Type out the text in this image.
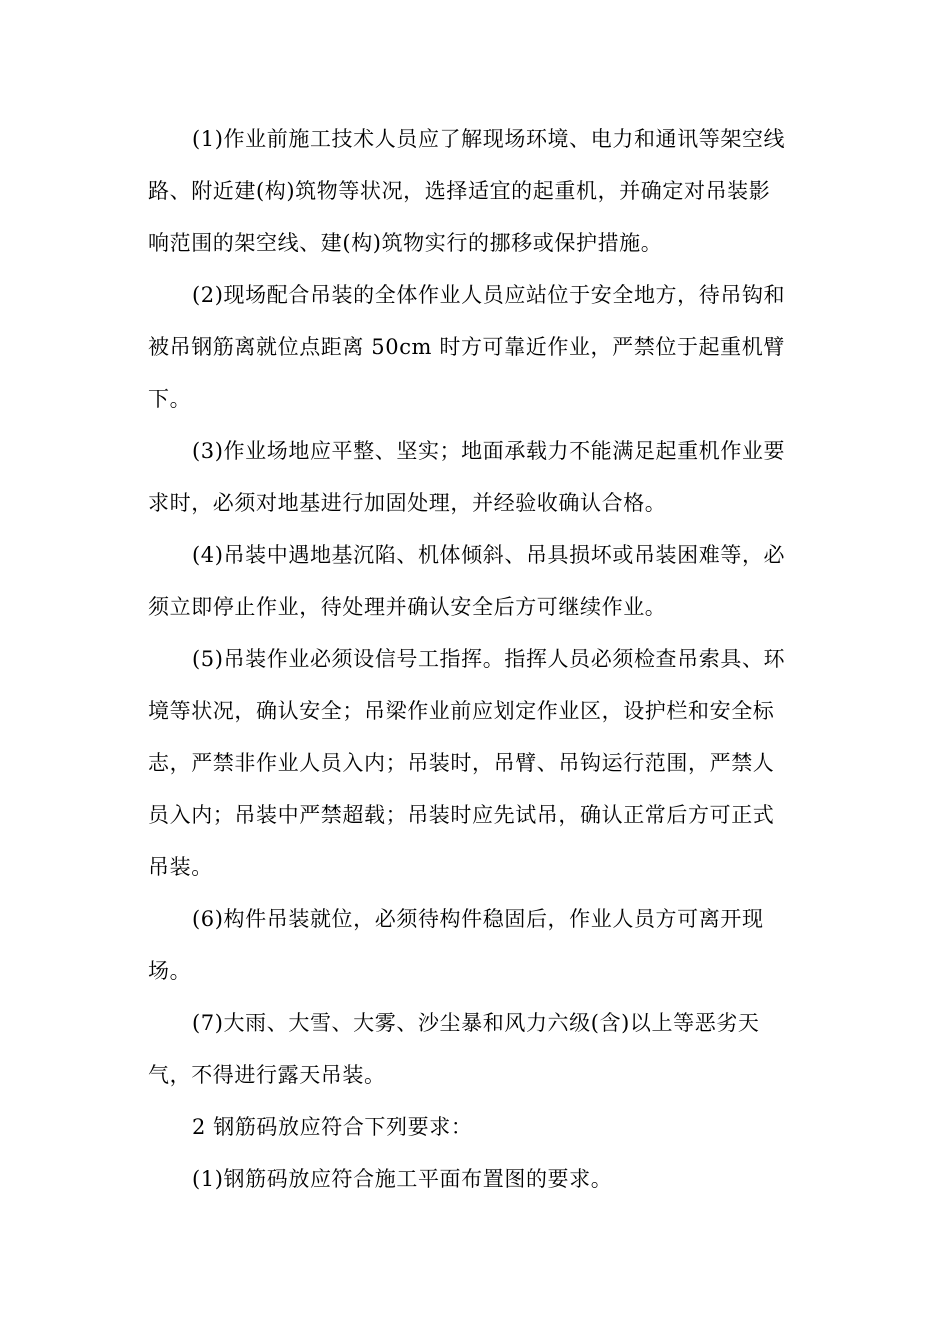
(1)作业前施工技术人员应了解现场环境、电力和通讯等架空线
路、附近建(构)筑物等状况，选择适宜的起重机，并确定对吊装影
响范围的架空线、建(构)筑物实行的挪移或保护措施。
(2)现场配合吊装的全体作业人员应站位于安全地方，待吊钩和
被吊钢筋离就位点距离 50cm 时方可靠近作业，严禁位于起重机臂
下。
(3)作业场地应平整、坚实；地面承载力不能满足起重机作业要
求时，必须对地基进行加固处理，并经验收确认合格。
(4)吊装中遇地基沉陷、机体倾斜、吊具损坏或吊装困难等，必
须立即停止作业，待处理并确认安全后方可继续作业。
(5)吊装作业必须设信号工指挥。指挥人员必须检查吊索具、环
境等状况，确认安全；吊梁作业前应划定作业区，设护栏和安全标
志，严禁非作业人员入内；吊装时，吊臂、吊钩运行范围，严禁人
员入内；吊装中严禁超载；吊装时应先试吊，确认正常后方可正式
吊装。
(6)构件吊装就位，必须待构件稳固后，作业人员方可离开现
场。
(7)大雨、大雪、大雾、沙尘暴和风力六级(含)以上等恶劣天
气，不得进行露天吊装。
2 钢筋码放应符合下列要求：
(1)钢筋码放应符合施工平面布置图的要求。
